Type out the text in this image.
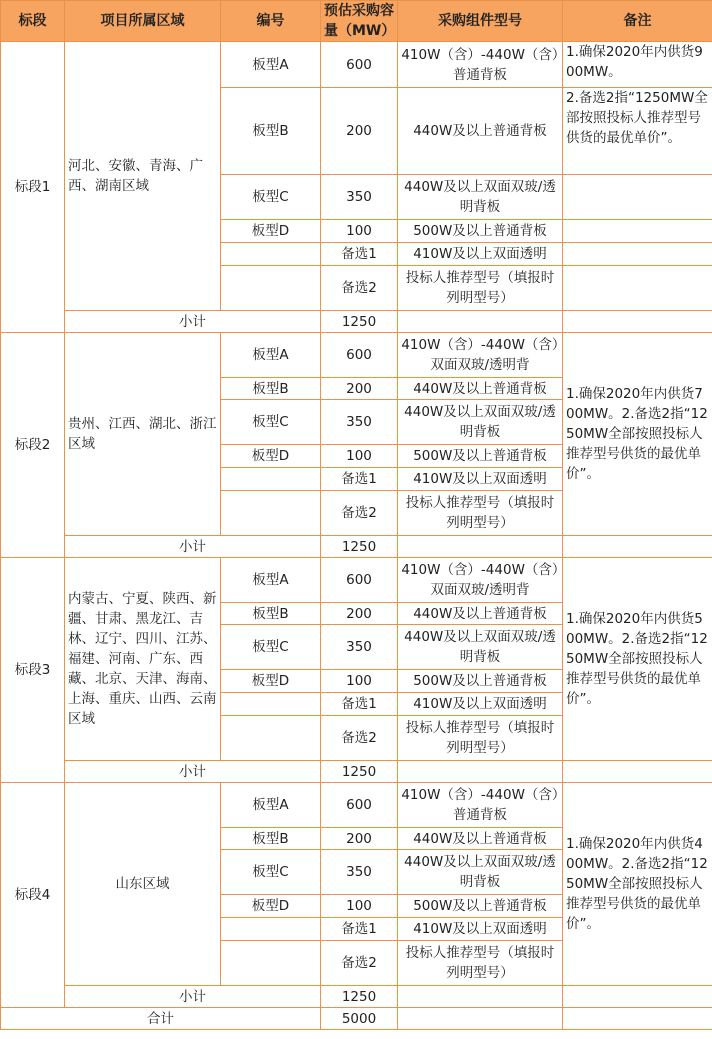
标段	项目所属区域	编号	预估采购容量（MW）	采购组件型号	备注
标段1	河北、安徽、青海、广西、湖南区域	板型A	600	410W（含）-440W（含）普通背板	1.确保2020年内供货900MW。
		板型B	200	440W及以上普通背板	2.备选2指“1250MW全部按照投标人推荐型号供货的最优单价”。
		板型C	350	440W及以上双面双玻/透明背板	
		板型D	100	500W及以上普通背板	
			备选1	410W及以上双面透明	
			备选2	投标人推荐型号（填报时列明型号）	
	小计		1250		
标段2	贵州、江西、湖北、浙江区域	板型A	600	410W（含）-440W（含）双面双玻/透明背	1.确保2020年内供货700MW。2.备选2指“1250MW全部按照投标人推荐型号供货的最优单价”。
		板型B	200	440W及以上普通背板	
		板型C	350	440W及以上双面双玻/透明背板	
		板型D	100	500W及以上普通背板	
			备选1	410W及以上双面透明	
			备选2	投标人推荐型号（填报时列明型号）	
	小计		1250		
标段3	内蒙古、宁夏、陕西、新疆、甘肃、黑龙江、吉林、辽宁、四川、江苏、福建、河南、广东、西藏、北京、天津、海南、上海、重庆、山西、云南区域	板型A	600	410W（含）-440W（含）双面双玻/透明背	1.确保2020年内供货500MW。2.备选2指“1250MW全部按照投标人推荐型号供货的最优单价”。
		板型B	200	440W及以上普通背板	
		板型C	350	440W及以上双面双玻/透明背板	
		板型D	100	500W及以上普通背板	
			备选1	410W及以上双面透明	
			备选2	投标人推荐型号（填报时列明型号）	
	小计		1250		
标段4	山东区域	板型A	600	410W（含）-440W（含）普通背板	1.确保2020年内供货400MW。2.备选2指“1250MW全部按照投标人推荐型号供货的最优单价”。
		板型B	200	440W及以上普通背板	
		板型C	350	440W及以上双面双玻/透明背板	
		板型D	100	500W及以上普通背板	
			备选1	410W及以上双面透明	
			备选2	投标人推荐型号（填报时列明型号）	
	小计		1250		
合计			5000		
